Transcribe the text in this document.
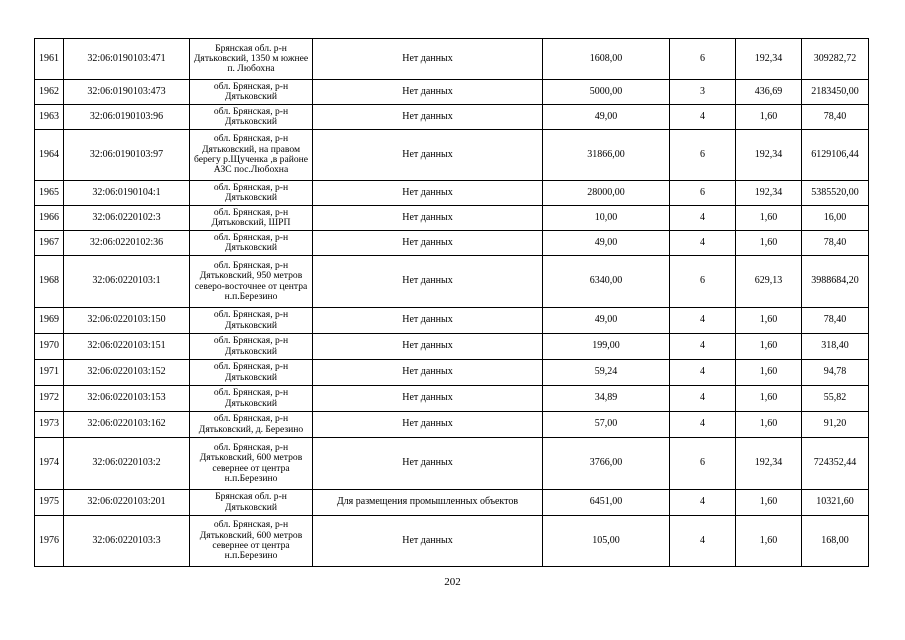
1961	32:06:0190103:471	Брянская обл. р-н Дятьковский, 1350 м южнее п. Любохна	Нет данных	1608,00	6	192,34	309282,72
1962	32:06:0190103:473	обл. Брянская, р-н Дятьковский	Нет данных	5000,00	3	436,69	2183450,00
1963	32:06:0190103:96	обл. Брянская, р-н Дятьковский	Нет данных	49,00	4	1,60	78,40
1964	32:06:0190103:97	обл. Брянская, р-н Дятьковский, на правом берегу р.Щученка ,в районе АЗС пос.Любохна	Нет данных	31866,00	6	192,34	6129106,44
1965	32:06:0190104:1	обл. Брянская, р-н Дятьковский	Нет данных	28000,00	6	192,34	5385520,00
1966	32:06:0220102:3	обл. Брянская, р-н Дятьковский, ШРП	Нет данных	10,00	4	1,60	16,00
1967	32:06:0220102:36	обл. Брянская, р-н Дятьковский	Нет данных	49,00	4	1,60	78,40
1968	32:06:0220103:1	обл. Брянская, р-н Дятьковский, 950 метров северо-восточнее от центра н.п.Березино	Нет данных	6340,00	6	629,13	3988684,20
1969	32:06:0220103:150	обл. Брянская, р-н Дятьковский	Нет данных	49,00	4	1,60	78,40
1970	32:06:0220103:151	обл. Брянская, р-н Дятьковский	Нет данных	199,00	4	1,60	318,40
1971	32:06:0220103:152	обл. Брянская, р-н Дятьковский	Нет данных	59,24	4	1,60	94,78
1972	32:06:0220103:153	обл. Брянская, р-н Дятьковский	Нет данных	34,89	4	1,60	55,82
1973	32:06:0220103:162	обл. Брянская, р-н Дятьковский, д. Березино	Нет данных	57,00	4	1,60	91,20
1974	32:06:0220103:2	обл. Брянская, р-н Дятьковский, 600 метров севернее от центра н.п.Березино	Нет данных	3766,00	6	192,34	724352,44
1975	32:06:0220103:201	Брянская обл. р-н Дятьковский	Для размещения промышленных объектов	6451,00	4	1,60	10321,60
1976	32:06:0220103:3	обл. Брянская, р-н Дятьковский, 600 метров севернее от центра н.п.Березино	Нет данных	105,00	4	1,60	168,00
202
